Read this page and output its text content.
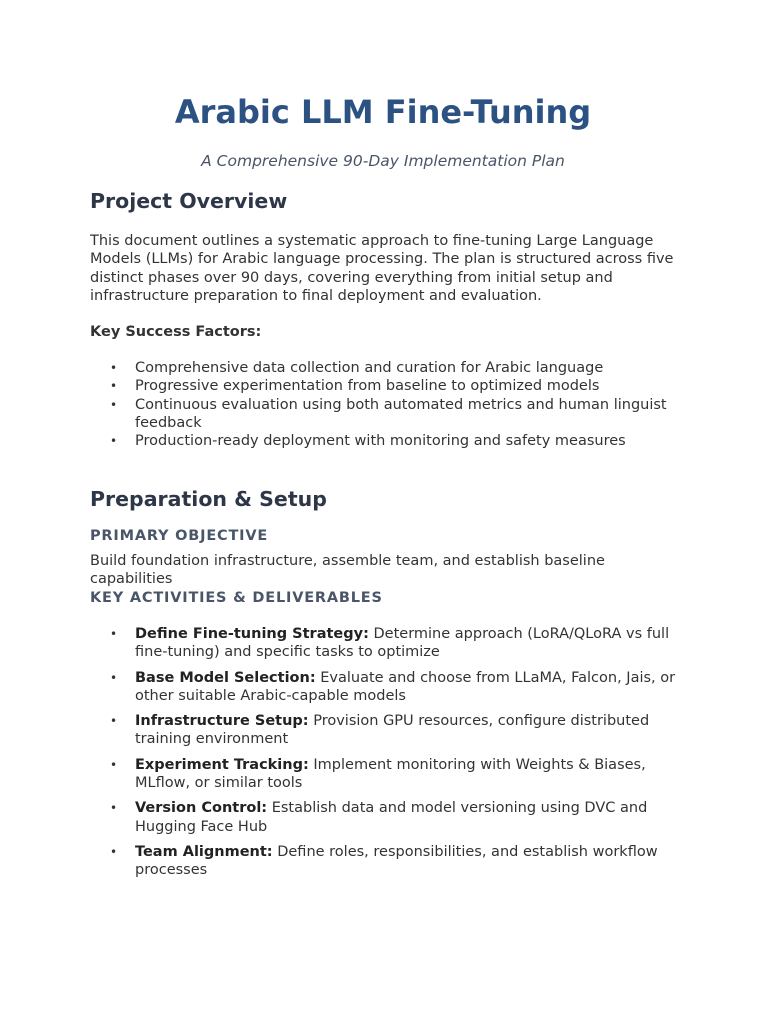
Arabic LLM Fine-Tuning

A Comprehensive 90-Day Implementation Plan

Project Overview

This document outlines a systematic approach to fine-tuning Large Language Models (LLMs) for Arabic language processing. The plan is structured across five distinct phases over 90 days, covering everything from initial setup and infrastructure preparation to final deployment and evaluation.

Key Success Factors:
• Comprehensive data collection and curation for Arabic language
• Progressive experimentation from baseline to optimized models
• Continuous evaluation using both automated metrics and human linguist feedback
• Production-ready deployment with monitoring and safety measures
Preparation & Setup
PRIMARY OBJECTIVE

Build foundation infrastructure, assemble team, and establish baseline capabilities

KEY ACTIVITIES & DELIVERABLES
• Define Fine-tuning Strategy: Determine approach (LoRA/QLoRA vs full fine-tuning) and specific tasks to optimize
• Base Model Selection: Evaluate and choose from LLaMA, Falcon, Jais, or other suitable Arabic-capable models
• Infrastructure Setup: Provision GPU resources, configure distributed training environment
• Experiment Tracking: Implement monitoring with Weights & Biases, MLflow, or similar tools
• Version Control: Establish data and model versioning using DVC and Hugging Face Hub
• Team Alignment: Define roles, responsibilities, and establish workflow processes
